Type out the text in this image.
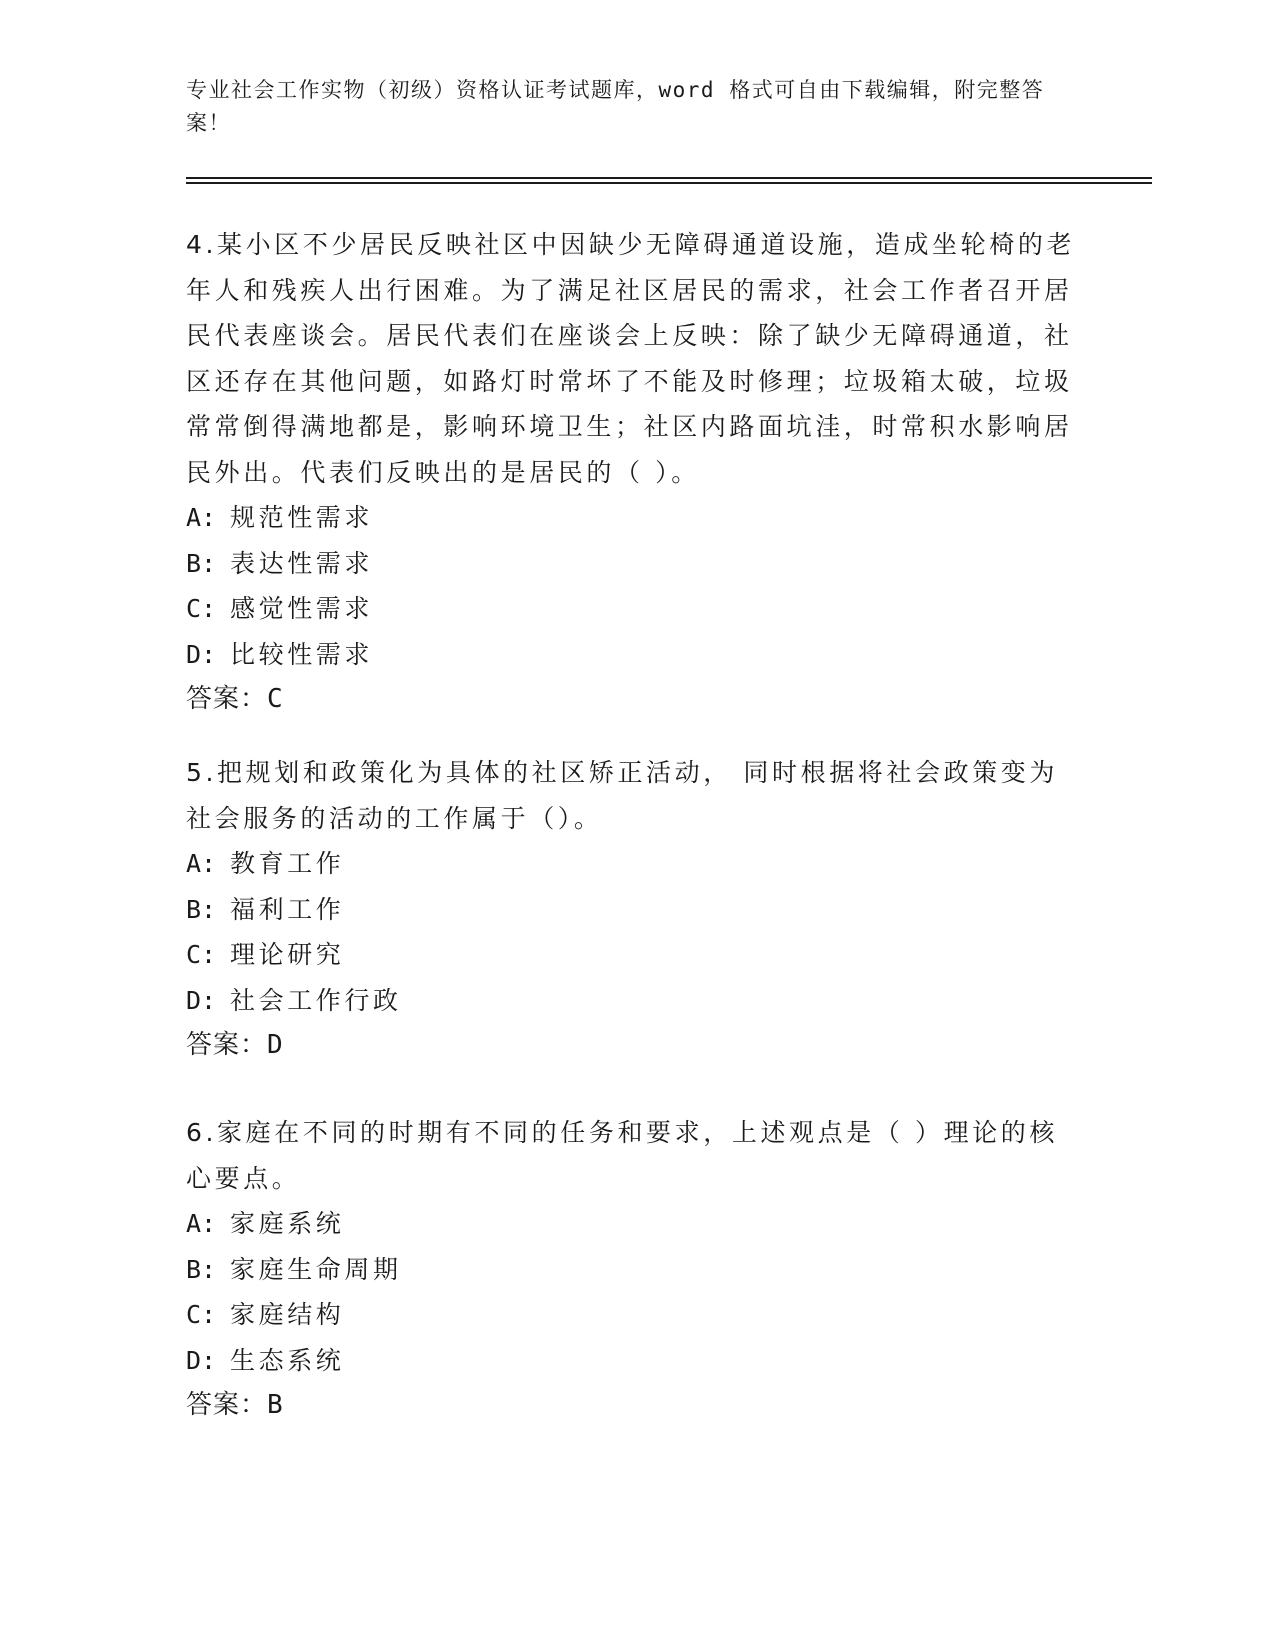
专业社会工作实物（初级）资格认证考试题库，word 格式可自由下载编辑，附完整答案！

4.某小区不少居民反映社区中因缺少无障碍通道设施，造成坐轮椅的老年人和残疾人出行困难。为了满足社区居民的需求，社会工作者召开居民代表座谈会。居民代表们在座谈会上反映：除了缺少无障碍通道，社区还存在其他问题，如路灯时常坏了不能及时修理；垃圾箱太破，垃圾常常倒得满地都是，影响环境卫生；社区内路面坑洼，时常积水影响居民外出。代表们反映出的是居民的（ ）。

A: 规范性需求

B: 表达性需求

C: 感觉性需求

D: 比较性需求

答案：C

5.把规划和政策化为具体的社区矫正活动， 同时根据将社会政策变为社会服务的活动的工作属于（）。

A: 教育工作

B: 福利工作

C: 理论研究

D: 社会工作行政

答案：D

6.家庭在不同的时期有不同的任务和要求，上述观点是（ ）理论的核心要点。

A: 家庭系统

B: 家庭生命周期

C: 家庭结构

D: 生态系统

答案：B
